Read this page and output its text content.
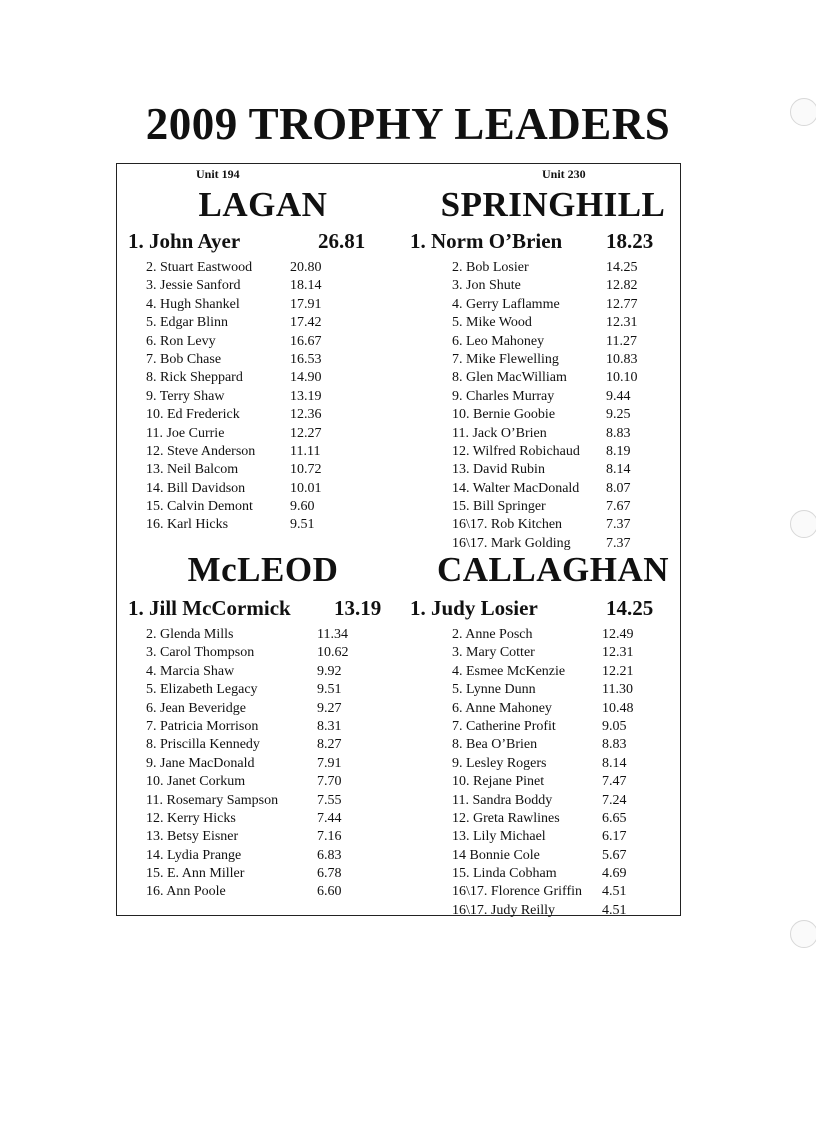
2009 TROPHY LEADERS
Unit 194
LAGAN
1. John Ayer	26.81
2. Stuart Eastwood	20.80
3. Jessie Sanford	18.14
4. Hugh Shankel	17.91
5. Edgar Blinn	17.42
6. Ron Levy	16.67
7. Bob Chase	16.53
8. Rick Sheppard	14.90
9. Terry Shaw	13.19
10. Ed Frederick	12.36
11. Joe Currie	12.27
12. Steve Anderson 11.11
13. Neil Balcom	10.72
14. Bill Davidson	10.01
15. Calvin Demont	9.60
16. Karl Hicks	9.51
Unit 230
SPRINGHILL
1. Norm O’Brien 18.23
2. Bob Losier	14.25
3. Jon Shute	12.82
4. Gerry Laflamme	12.77
5. Mike Wood	12.31
6. Leo Mahoney	11.27
7. Mike Flewelling	10.83
8. Glen MacWilliam	10.10
9. Charles Murray	9.44
10. Bernie Goobie	9.25
11. Jack O’Brien	8.83
12. Wilfred Robichaud 8.19
13. David Rubin	8.14
14. Walter MacDonald 8.07
15. Bill Springer	7.67
16\17. Rob Kitchen	7.37
16\17. Mark Golding	7.37
McLEOD
1. Jill McCormick 13.19
2. Glenda Mills	11.34
3. Carol Thompson	10.62
4. Marcia Shaw	9.92
5. Elizabeth Legacy	9.51
6. Jean Beveridge	9.27
7. Patricia Morrison	8.31
8. Priscilla Kennedy	8.27
9. Jane MacDonald	7.91
10. Janet Corkum	7.70
11. Rosemary Sampson	7.55
12. Kerry Hicks	7.44
13. Betsy Eisner	7.16
14. Lydia Prange	6.83
15. E. Ann Miller	6.78
16. Ann Poole	6.60
CALLAGHAN
1. Judy Losier	14.25
2. Anne Posch	12.49
3. Mary Cotter	12.31
4. Esmee McKenzie	12.21
5. Lynne Dunn	11.30
6. Anne Mahoney	10.48
7. Catherine Profit	9.05
8. Bea O’Brien	8.83
9. Lesley Rogers	8.14
10. Rejane Pinet	7.47
11. Sandra Boddy	7.24
12. Greta Rawlines	6.65
13. Lily Michael	6.17
14 Bonnie Cole	5.67
15. Linda Cobham	4.69
16\17. Florence Griffin 4.51
16\17. Judy Reilly	4.51
